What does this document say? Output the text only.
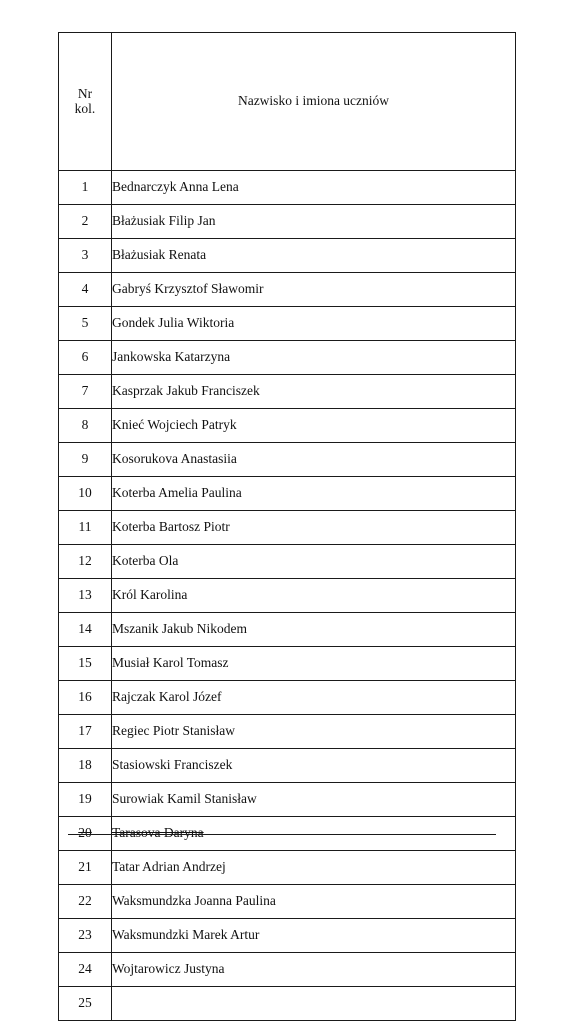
Nr
kol.	Nazwisko i imiona uczniów
1	Bednarczyk Anna Lena
2	Błażusiak Filip Jan
3	Błażusiak Renata
4	Gabryś Krzysztof Sławomir
5	Gondek Julia Wiktoria
6	Jankowska Katarzyna
7	Kasprzak Jakub Franciszek
8	Knieć Wojciech Patryk
9	Kosorukova Anastasiia
10	Koterba Amelia Paulina
11	Koterba Bartosz Piotr
12	Koterba Ola
13	Król Karolina
14	Mszanik Jakub Nikodem
15	Musiał Karol Tomasz
16	Rajczak Karol Józef
17	Regiec Piotr Stanisław
18	Stasiowski Franciszek
19	Surowiak Kamil Stanisław
20	Tarasova Daryna
21	Tatar Adrian Andrzej
22	Waksmundzka Joanna Paulina
23	Waksmundzki Marek Artur
24	Wojtarowicz Justyna
25	
